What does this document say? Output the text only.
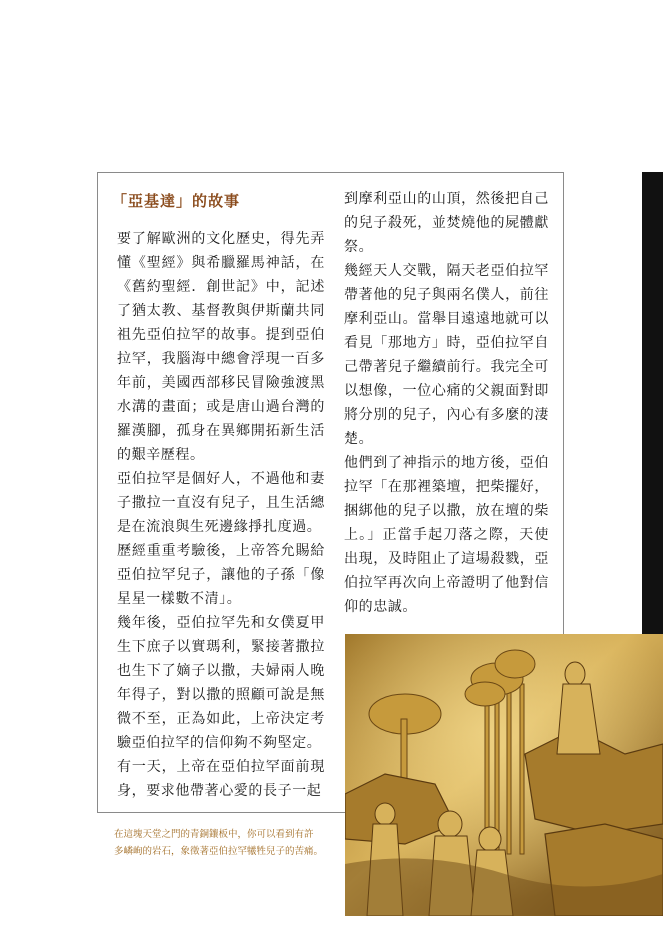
「亞基達」的故事

要了解歐洲的文化歷史，得先弄懂《聖經》與希臘羅馬神話，在《舊約聖經．創世記》中，記述了猶太教、基督教與伊斯蘭共同祖先亞伯拉罕的故事。提到亞伯拉罕，我腦海中總會浮現一百多年前，美國西部移民冒險強渡黑水溝的畫面；或是唐山過台灣的羅漢腳，孤身在異鄉開拓新生活的艱辛歷程。

亞伯拉罕是個好人，不過他和妻子撒拉一直沒有兒子，且生活總是在流浪與生死邊緣掙扎度過。

歷經重重考驗後，上帝答允賜給亞伯拉罕兒子，讓他的子孫「像星星一樣數不清」。

幾年後，亞伯拉罕先和女僕夏甲生下庶子以實瑪利，緊接著撒拉也生下了嫡子以撒，夫婦兩人晚年得子，對以撒的照顧可說是無微不至，正為如此，上帝決定考驗亞伯拉罕的信仰夠不夠堅定。

有一天，上帝在亞伯拉罕面前現身，要求他帶著心愛的長子一起

到摩利亞山的山頂，然後把自己的兒子殺死，並焚燒他的屍體獻祭。

幾經天人交戰，隔天老亞伯拉罕帶著他的兒子與兩名僕人，前往摩利亞山。當舉目遠遠地就可以看見「那地方」時，亞伯拉罕自己帶著兒子繼續前行。我完全可以想像，一位心痛的父親面對即將分別的兒子，內心有多麼的淒楚。

他們到了神指示的地方後，亞伯拉罕「在那裡築壇，把柴擺好，捆綁他的兒子以撒，放在壇的柴上。」正當手起刀落之際，天使出現，及時阻止了這場殺戮，亞伯拉罕再次向上帝證明了他對信仰的忠誠。

在這塊天堂之門的青銅鑲板中，你可以看到有許
多嶙峋的岩石，象徵著亞伯拉罕犧牲兒子的苦痛。
